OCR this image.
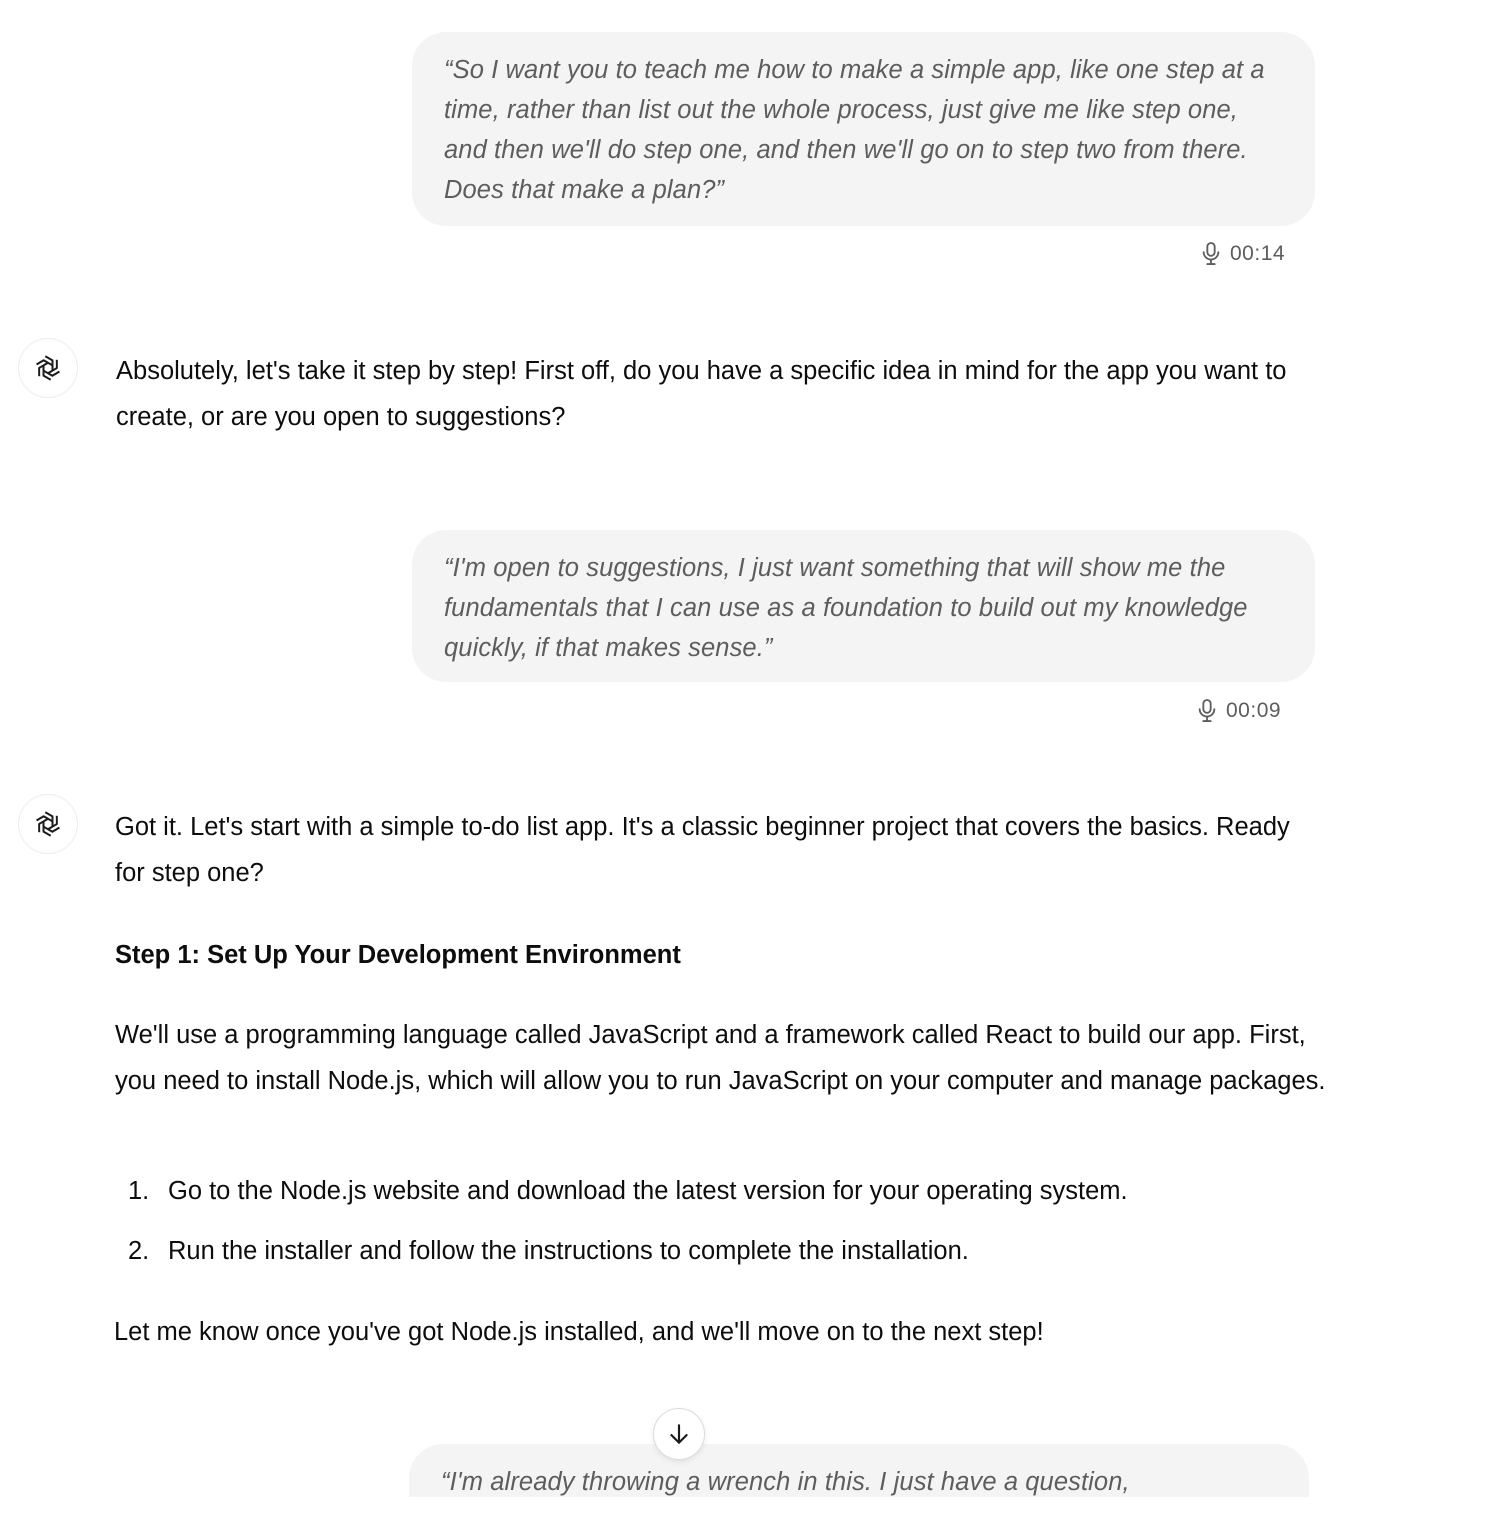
“So I want you to teach me how to make a simple app, like one step at a time, rather than list out the whole process, just give me like step one, and then we'll do step one, and then we'll go on to step two from there. Does that make a plan?”
00:14
Absolutely, let's take it step by step! First off, do you have a specific idea in mind for the app you want to create, or are you open to suggestions?
“I'm open to suggestions, I just want something that will show me the fundamentals that I can use as a foundation to build out my knowledge quickly, if that makes sense.”
00:09
Got it. Let's start with a simple to-do list app. It's a classic beginner project that covers the basics. Ready for step one?
Step 1: Set Up Your Development Environment
We'll use a programming language called JavaScript and a framework called React to build our app. First, you need to install Node.js, which will allow you to run JavaScript on your computer and manage packages.
1. Go to the Node.js website and download the latest version for your operating system.
2. Run the installer and follow the instructions to complete the installation.
Let me know once you've got Node.js installed, and we'll move on to the next step!
“I'm already throwing a wrench in this. I just have a question,
